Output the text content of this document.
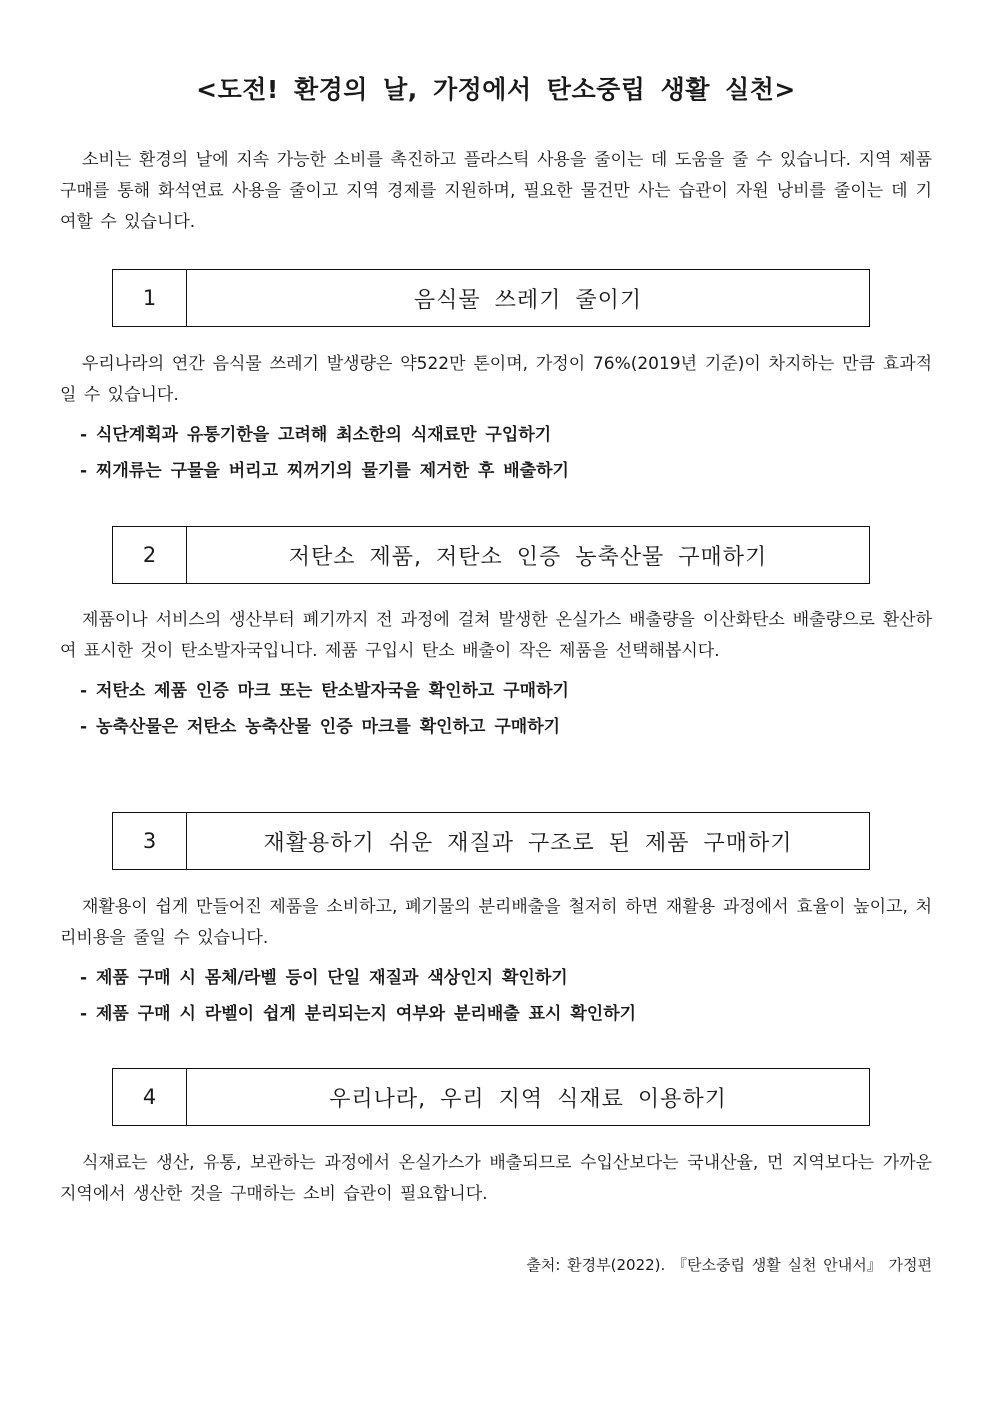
<도전! 환경의 날, 가정에서 탄소중립 생활 실천>

소비는 환경의 날에 지속 가능한 소비를 촉진하고 플라스틱 사용을 줄이는 데 도움을 줄 수 있습니다. 지역 제품 구매를 통해 화석연료 사용을 줄이고 지역 경제를 지원하며, 필요한 물건만 사는 습관이 자원 낭비를 줄이는 데 기여할 수 있습니다.

1	음식물 쓰레기 줄이기

우리나라의 연간 음식물 쓰레기 발생량은 약522만 톤이며, 가정이 76%(2019년 기준)이 차지하는 만큼 효과적일 수 있습니다.

- 식단계획과 유통기한을 고려해 최소한의 식재료만 구입하기
- 찌개류는 구물을 버리고 찌꺼기의 물기를 제거한 후 배출하기
2	저탄소 제품, 저탄소 인증 농축산물 구매하기

제품이나 서비스의 생산부터 폐기까지 전 과정에 걸쳐 발생한 온실가스 배출량을 이산화탄소 배출량으로 환산하여 표시한 것이 탄소발자국입니다. 제품 구입시 탄소 배출이 작은 제품을 선택해봅시다.

- 저탄소 제품 인증 마크 또는 탄소발자국을 확인하고 구매하기
- 농축산물은 저탄소 농축산물 인증 마크를 확인하고 구매하기
3	재활용하기 쉬운 재질과 구조로 된 제품 구매하기

재활용이 쉽게 만들어진 제품을 소비하고, 폐기물의 분리배출을 철저히 하면 재활용 과정에서 효율이 높이고, 처리비용을 줄일 수 있습니다.

- 제품 구매 시 몸체/라벨 등이 단일 재질과 색상인지 확인하기
- 제품 구매 시 라벨이 쉽게 분리되는지 여부와 분리배출 표시 확인하기
4	우리나라, 우리 지역 식재료 이용하기

식재료는 생산, 유통, 보관하는 과정에서 온실가스가 배출되므로 수입산보다는 국내산율, 먼 지역보다는 가까운 지역에서 생산한 것을 구매하는 소비 습관이 필요합니다.

출처: 환경부(2022). 『탄소중립 생활 실천 안내서』 가정편
